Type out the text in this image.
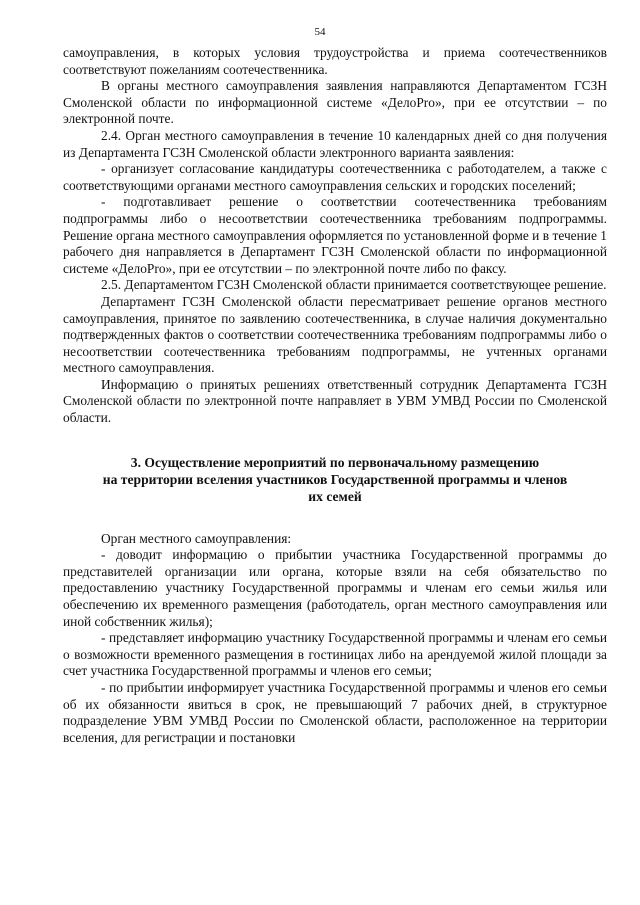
54

самоуправления, в которых условия трудоустройства и приема соотечественников соответствуют пожеланиям соотечественника.

В органы местного самоуправления заявления направляются Департаментом ГСЗН Смоленской области по информационной системе «ДелоPro», при ее отсутствии – по электронной почте.

2.4. Орган местного самоуправления в течение 10 календарных дней со дня получения из Департамента ГСЗН Смоленской области электронного варианта заявления:

- организует согласование кандидатуры соотечественника с работодателем, а также с соответствующими органами местного самоуправления сельских и городских поселений;

- подготавливает решение о соответствии соотечественника требованиям подпрограммы либо о несоответствии соотечественника требованиям подпрограммы. Решение органа местного самоуправления оформляется по установленной форме и в течение 1 рабочего дня направляется в Департамент ГСЗН Смоленской области по информационной системе «ДелоPro», при ее отсутствии – по электронной почте либо по факсу.

2.5. Департаментом ГСЗН Смоленской области принимается соответствующее решение.

Департамент ГСЗН Смоленской области пересматривает решение органов местного самоуправления, принятое по заявлению соотечественника, в случае наличия документально подтвержденных фактов о соответствии соотечественника требованиям подпрограммы либо о несоответствии соотечественника требованиям подпрограммы, не учтенных органами местного самоуправления.

Информацию о принятых решениях ответственный сотрудник Департамента ГСЗН Смоленской области по электронной почте направляет в УВМ УМВД России по Смоленской области.

3. Осуществление мероприятий по первоначальному размещению
на территории вселения участников Государственной программы и членов
их семей

Орган местного самоуправления:

- доводит информацию о прибытии участника Государственной программы до представителей организации или органа, которые взяли на себя обязательство по предоставлению участнику Государственной программы и членам его семьи жилья или обеспечению их временного размещения (работодатель, орган местного самоуправления или иной собственник жилья);

- представляет информацию участнику Государственной программы и членам его семьи о возможности временного размещения в гостиницах либо на арендуемой жилой площади за счет участника Государственной программы и членов его семьи;

- по прибытии информирует участника Государственной программы и членов его семьи об их обязанности явиться в срок, не превышающий 7 рабочих дней, в структурное подразделение УВМ УМВД России по Смоленской области, расположенное на территории вселения, для регистрации и постановки
